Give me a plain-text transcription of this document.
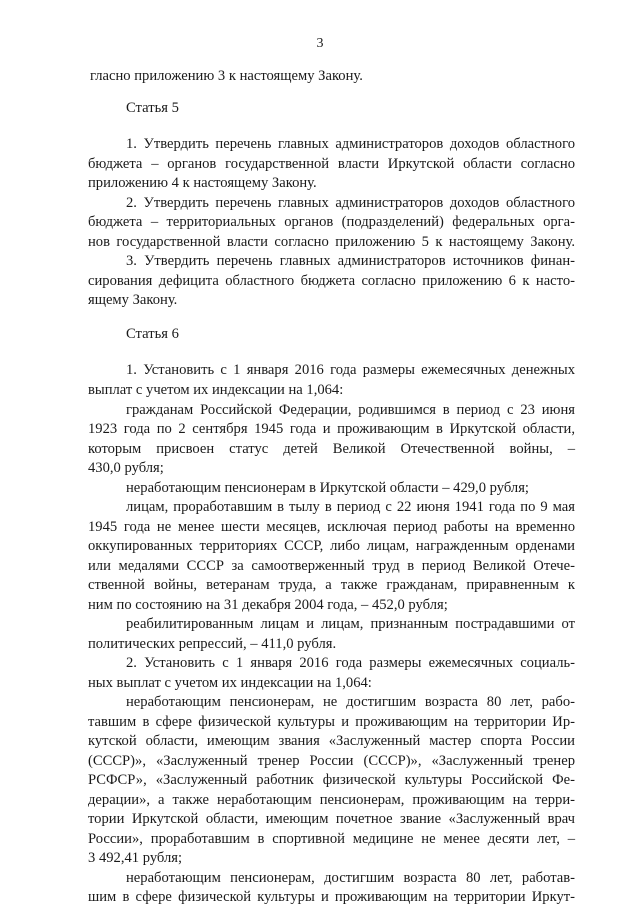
3

гласно приложению 3 к настоящему Закону.

Статья 5

1. Утвердить перечень главных администраторов доходов областного

бюджета – органов государственной власти Иркутской области согласно

приложению 4 к настоящему Закону.

2. Утвердить перечень главных администраторов доходов областного

бюджета – территориальных органов (подразделений) федеральных орга-

нов государственной власти согласно приложению 5 к настоящему Закону.

3. Утвердить перечень главных администраторов источников финан-

сирования дефицита областного бюджета согласно приложению 6 к насто-

ящему Закону.

Статья 6

1. Установить с 1 января 2016 года размеры ежемесячных денежных

выплат с учетом их индексации на 1,064:

гражданам Российской Федерации, родившимся в период с 23 июня

1923 года по 2 сентября 1945 года и проживающим в Иркутской области,

которым присвоен статус детей Великой Отечественной войны, –

430,0 рубля;

неработающим пенсионерам в Иркутской области – 429,0 рубля;

лицам, проработавшим в тылу в период с 22 июня 1941 года по 9 мая

1945 года не менее шести месяцев, исключая период работы на временно

оккупированных территориях СССР, либо лицам, награжденным орденами

или медалями СССР за самоотверженный труд в период Великой Отече-

ственной войны, ветеранам труда, а также гражданам, приравненным к

ним по состоянию на 31 декабря 2004 года, – 452,0 рубля;

реабилитированным лицам и лицам, признанным пострадавшими от

политических репрессий, – 411,0 рубля.

2. Установить с 1 января 2016 года размеры ежемесячных социаль-

ных выплат с учетом их индексации на 1,064:

неработающим пенсионерам, не достигшим возраста 80 лет, рабо-

тавшим в сфере физической культуры и проживающим на территории Ир-

кутской области, имеющим звания «Заслуженный мастер спорта России

(СССР)», «Заслуженный тренер России (СССР)», «Заслуженный тренер

РСФСР», «Заслуженный работник физической культуры Российской Фе-

дерации», а также неработающим пенсионерам, проживающим на терри-

тории Иркутской области, имеющим почетное звание «Заслуженный врач

России», проработавшим в спортивной медицине не менее десяти лет, –

3 492,41 рубля;

неработающим пенсионерам, достигшим возраста 80 лет, работав-

шим в сфере физической культуры и проживающим на территории Иркут-
